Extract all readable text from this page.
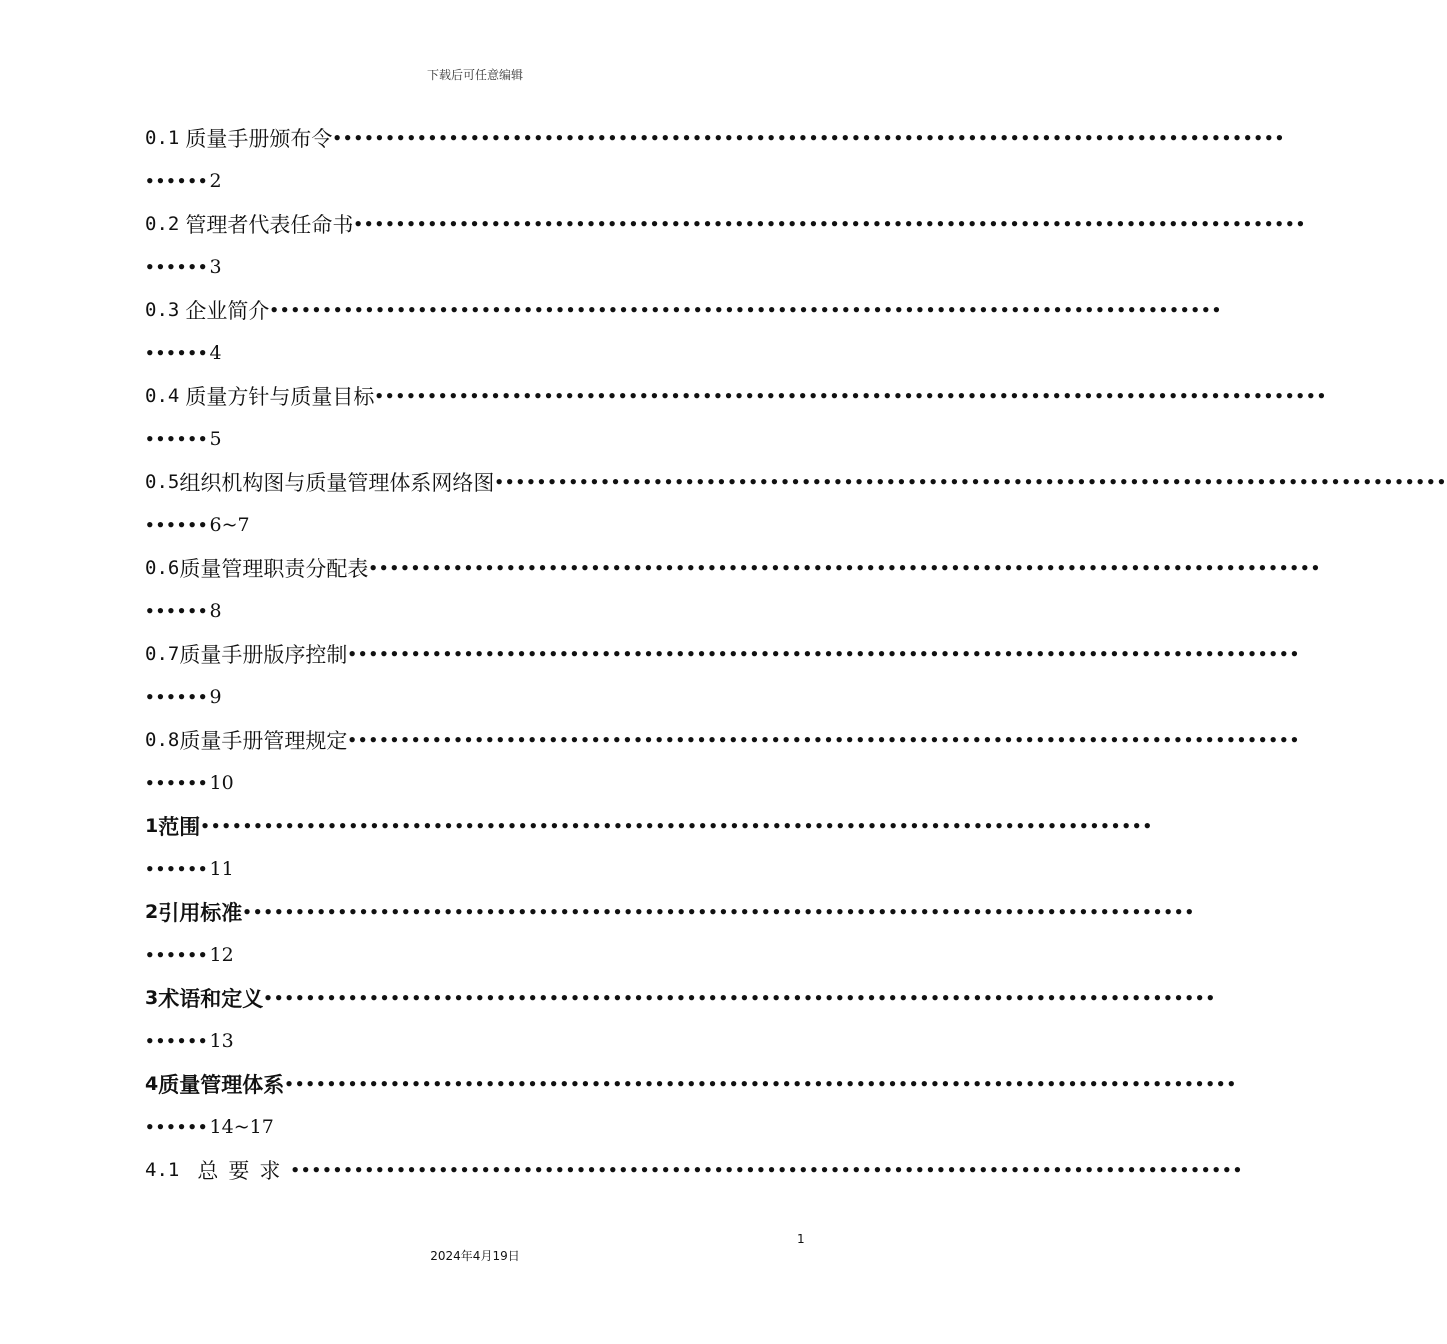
下载后可任意编辑
0.1 质量手册颁布令 ••••••••••••••••••••••••••••••••••••••••••••••••••••••••••••••••••••••••••••••••••••••••••
•••••• 2
0.2 管理者代表任命书 ••••••••••••••••••••••••••••••••••••••••••••••••••••••••••••••••••••••••••••••••••••••••••
•••••• 3
0.3 企业简介 ••••••••••••••••••••••••••••••••••••••••••••••••••••••••••••••••••••••••••••••••••••••••••
•••••• 4
0.4 质量方针与质量目标 ••••••••••••••••••••••••••••••••••••••••••••••••••••••••••••••••••••••••••••••••••••••••••
•••••• 5
0.5 组织机构图与质量管理体系网络图 ••••••••••••••••••••••••••••••••••••••••••••••••••••••••••••••••••••••••••••••••••••••••••
•••••• 6~7
0.6 质量管理职责分配表 ••••••••••••••••••••••••••••••••••••••••••••••••••••••••••••••••••••••••••••••••••••••••••
•••••• 8
0.7 质量手册版序控制 ••••••••••••••••••••••••••••••••••••••••••••••••••••••••••••••••••••••••••••••••••••••••••
•••••• 9
0.8 质量手册管理规定 ••••••••••••••••••••••••••••••••••••••••••••••••••••••••••••••••••••••••••••••••••••••••••
•••••• 10
1 范围 ••••••••••••••••••••••••••••••••••••••••••••••••••••••••••••••••••••••••••••••••••••••••••
•••••• 11
2 引用标准 ••••••••••••••••••••••••••••••••••••••••••••••••••••••••••••••••••••••••••••••••••••••••••
•••••• 12
3 术语和定义 ••••••••••••••••••••••••••••••••••••••••••••••••••••••••••••••••••••••••••••••••••••••••••
•••••• 13
4 质量管理体系 ••••••••••••••••••••••••••••••••••••••••••••••••••••••••••••••••••••••••••••••••••••••••••
•••••• 14~17
4.1 总要求 ••••••••••••••••••••••••••••••••••••••••••••••••••••••••••••••••••••••••••••••••••••••••••
1
2024年4月19日
